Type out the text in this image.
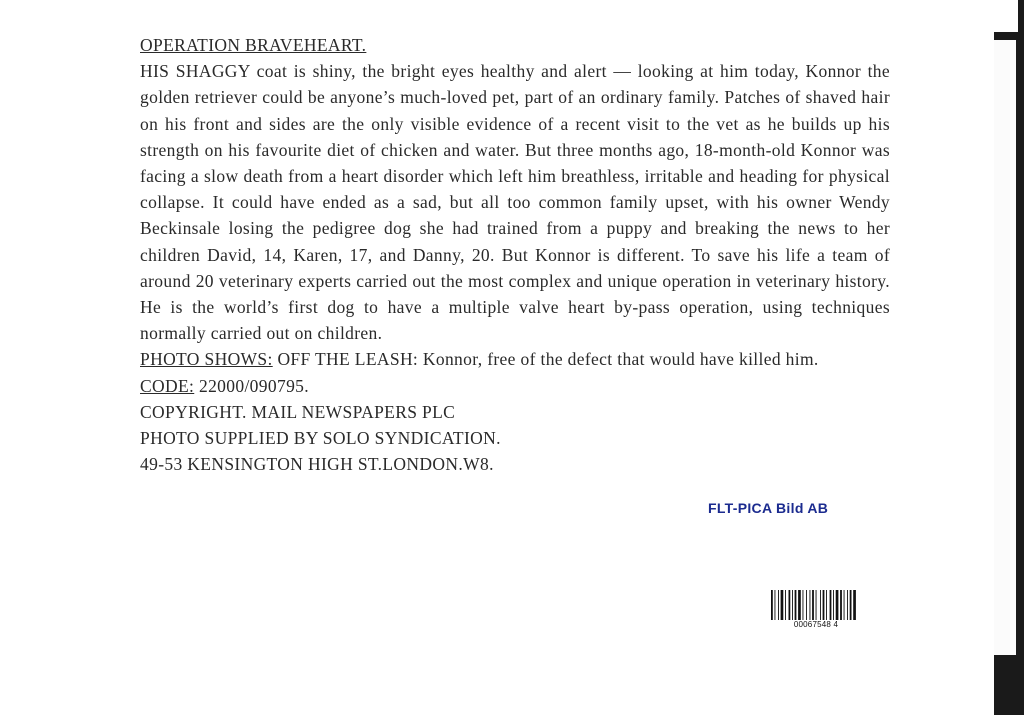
OPERATION BRAVEHEART.

HIS SHAGGY coat is shiny, the bright eyes healthy and alert — looking at him today, Konnor the golden retriever could be anyone’s much-loved pet, part of an ordinary family. Patches of shaved hair on his front and sides are the only visible evidence of a recent visit to the vet as he builds up his strength on his favourite diet of chicken and water. But three months ago, 18-month-old Konnor was facing a slow death from a heart disorder which left him breathless, irritable and heading for physical collapse. It could have ended as a sad, but all too common family upset, with his owner Wendy Beckinsale losing the pedigree dog she had trained from a puppy and breaking the news to her children David, 14, Karen, 17, and Danny, 20. But Konnor is different. To save his life a team of around 20 veterinary experts carried out the most complex and unique operation in veterinary history. He is the world’s first dog to have a multiple valve heart by-pass operation, using techniques normally carried out on children.

PHOTO SHOWS: OFF THE LEASH: Konnor, free of the defect that would have killed him.

CODE: 22000/090795.

COPYRIGHT. MAIL NEWSPAPERS PLC

PHOTO SUPPLIED BY SOLO SYNDICATION.

49-53 KENSINGTON HIGH ST.LONDON.W8.

FLT-PICA Bild AB
00067548 4
